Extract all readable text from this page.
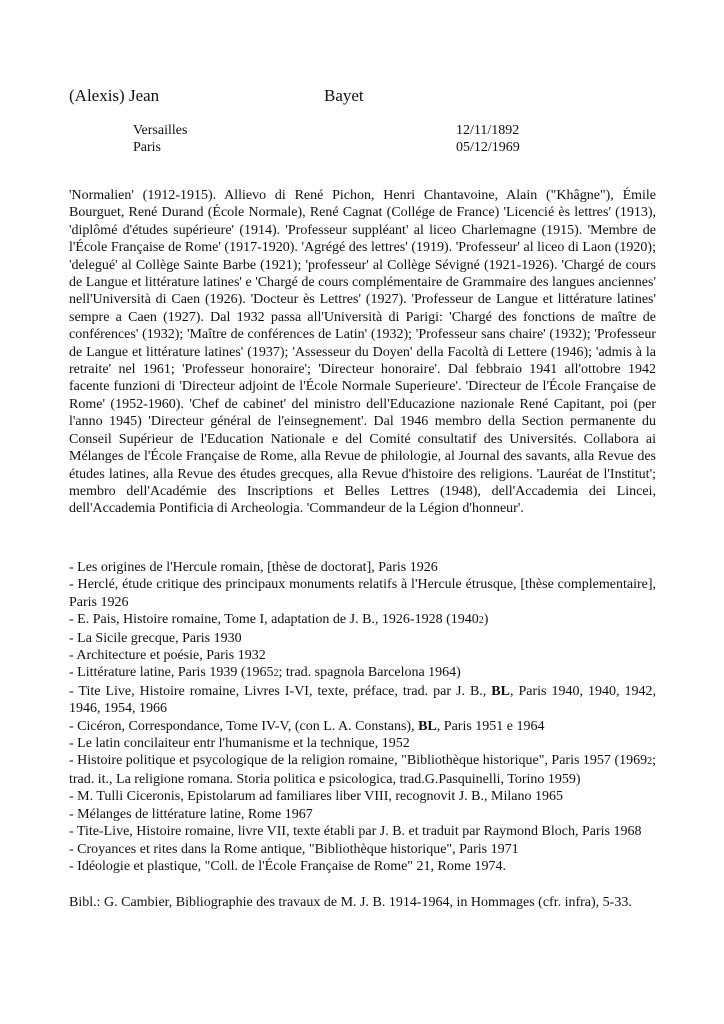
(Alexis) Jean	Bayet
Versailles	12/11/1892
Paris	05/12/1969
'Normalien' (1912-1915). Allievo di René Pichon, Henri Chantavoine, Alain ("Khâgne"), Émile Bourguet, René Durand (École Normale), René Cagnat (Collége de France) 'Licencié ès lettres' (1913), 'diplômé d'études supérieure' (1914). 'Professeur suppléant' al liceo Charlemagne (1915). 'Membre de l'École Française de Rome' (1917-1920). 'Agrégé des lettres' (1919). 'Professeur' al liceo di Laon (1920); 'delegué' al Collège Sainte Barbe (1921); 'professeur' al Collège Sévigné (1921-1926). 'Chargé de cours de Langue et littérature latines' e 'Chargé de cours complémentaire de Grammaire des langues anciennes' nell'Università di Caen (1926). 'Docteur ès Lettres' (1927). 'Professeur de Langue et littérature latines' sempre a Caen (1927). Dal 1932 passa all'Università di Parigi: 'Chargé des fonctions de maître de conférences' (1932); 'Maître de conférences de Latin' (1932); 'Professeur sans chaire' (1932); 'Professeur de Langue et littérature latines' (1937); 'Assesseur du Doyen' della Facoltà di Lettere (1946); 'admis à la retraite' nel 1961; 'Professeur honoraire'; 'Directeur honoraire'. Dal febbraio 1941 all'ottobre 1942 facente funzioni di 'Directeur adjoint de l'École Normale Superieure'. 'Directeur de l'École Française de Rome' (1952-1960). 'Chef de cabinet' del ministro dell'Educazione nazionale René Capitant, poi (per l'anno 1945) 'Directeur général de l'einsegnement'. Dal 1946 membro della Section permanente du Conseil Supérieur de l'Education Nationale e del Comité consultatif des Universités. Collabora ai Mélanges de l'École Française de Rome, alla Revue de philologie, al Journal des savants, alla Revue des études latines, alla Revue des études grecques, alla Revue d'histoire des religions. 'Lauréat de l'Institut'; membro dell'Académie des Inscriptions et Belles Lettres (1948), dell'Accademia dei Lincei, dell'Accademia Pontificia di Archeologia. 'Commandeur de la Légion d'honneur'.

- Les origines de l'Hercule romain, [thèse de doctorat], Paris 1926

- Herclé, étude critique des principaux monuments relatifs à l'Hercule étrusque, [thèse complementaire], Paris 1926

- E. Pais, Histoire romaine, Tome I, adaptation de J. B., 1926-1928 (19402)

- La Sicile grecque, Paris 1930

- Architecture et poésie, Paris 1932

- Littérature latine, Paris 1939 (19652; trad. spagnola Barcelona 1964)

- Tite Live, Histoire romaine, Livres I-VI, texte, préface, trad. par J. B., BL, Paris 1940, 1940, 1942, 1946, 1954, 1966

- Cicéron, Correspondance, Tome IV-V, (con L. A. Constans), BL, Paris 1951 e 1964

- Le latin concilaiteur entr l'humanisme et la technique, 1952

- Histoire politique et psycologique de la religion romaine, "Bibliothèque historique", Paris 1957 (19692; trad. it., La religione romana. Storia politica e psicologica, trad.G.Pasquinelli, Torino 1959)

- M. Tulli Ciceronis, Epistolarum ad familiares liber VIII, recognovit J. B., Milano 1965

- Mélanges de littérature latine, Rome 1967

- Tite-Live, Histoire romaine, livre VII, texte établi par J. B. et traduit par Raymond Bloch, Paris 1968

- Croyances et rites dans la Rome antique, "Bibliothèque historique", Paris 1971

- Idéologie et plastique, "Coll. de l'École Française de Rome" 21, Rome 1974.

Bibl.: G. Cambier, Bibliographie des travaux de M. J. B. 1914-1964, in Hommages (cfr. infra), 5-33.
